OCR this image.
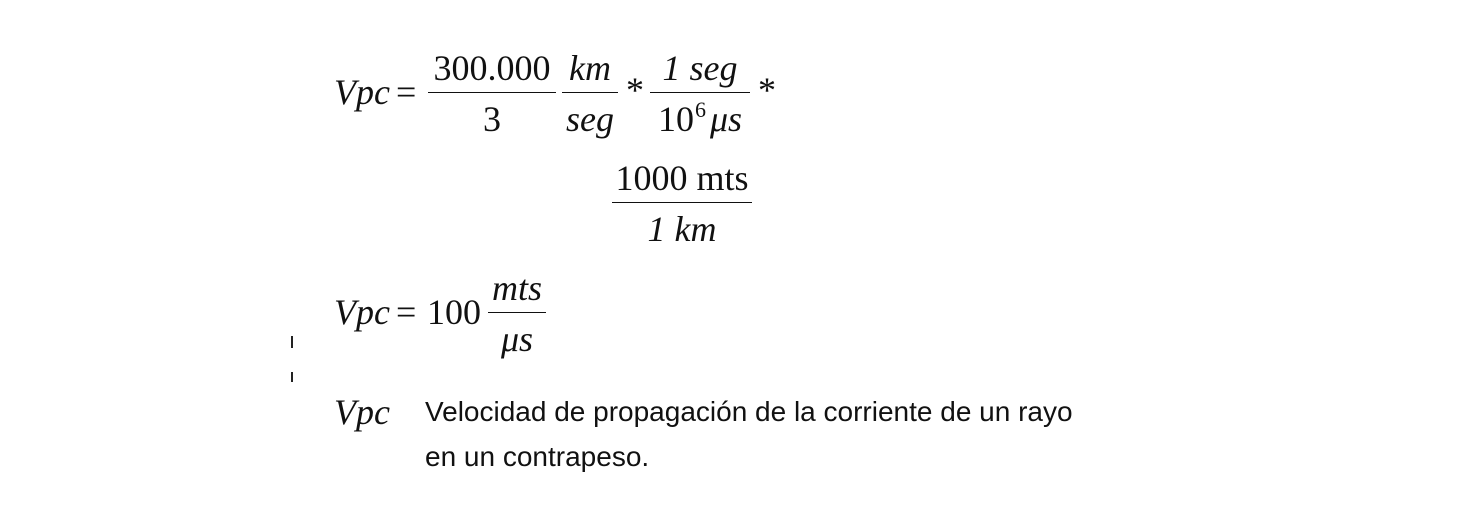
Vpc =
300.000
3
km
seg
*
1 seg
$10^6$ μs
*
1000 mts
1 km
Vpc = 100
mts
μs
Vpc Velocidad de propagación de la corriente de un rayo
en un contrapeso.
